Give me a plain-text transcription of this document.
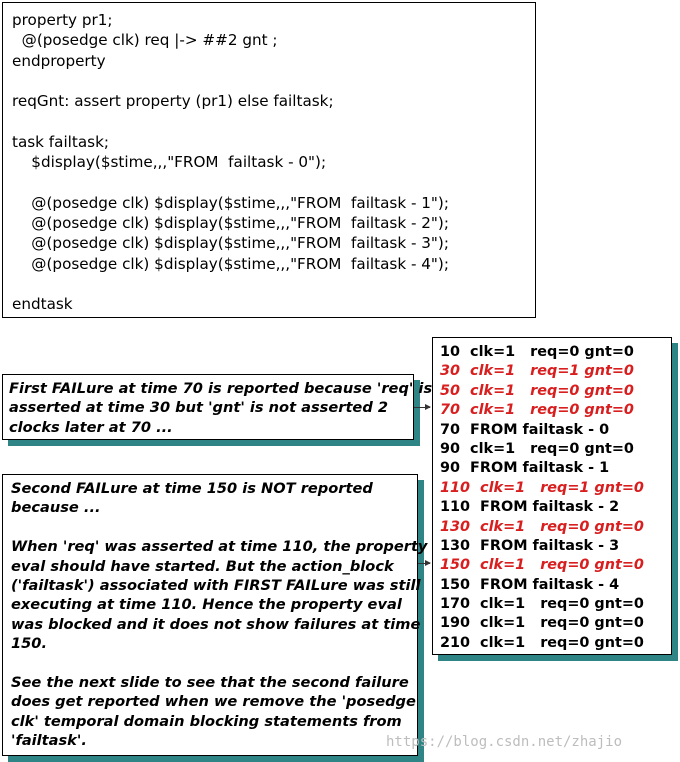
property pr1;
@(posedge clk) req |-> ##2 gnt ;
endproperty
reqGnt: assert property (pr1) else failtask;
task failtask;
$display($stime,,,"FROM  failtask - 0");
@(posedge clk) $display($stime,,,"FROM  failtask - 1");
@(posedge clk) $display($stime,,,"FROM  failtask - 2");
@(posedge clk) $display($stime,,,"FROM  failtask - 3");
@(posedge clk) $display($stime,,,"FROM  failtask - 4");
endtask
First FAILure at time 70 is reported because 'req' is
asserted at time 30 but 'gnt' is not asserted 2
clocks later at 70 ...
Second FAILure at time 150 is NOT reported
because ...
When 'req' was asserted at time 110, the property
eval should have started. But the action_block
('failtask') associated with FIRST FAILure was still
executing at time 110. Hence the property eval
was blocked and it does not show failures at time
150.
See the next slide to see that the second failure
does get reported when we remove the 'posedge
clk' temporal domain blocking statements from
'failtask'.
10  clk=1   req=0 gnt=0
30  clk=1   req=1 gnt=0
50  clk=1   req=0 gnt=0
70  clk=1   req=0 gnt=0
70  FROM failtask - 0
90  clk=1   req=0 gnt=0
90  FROM failtask - 1
110  clk=1   req=1 gnt=0
110  FROM failtask - 2
130  clk=1   req=0 gnt=0
130  FROM failtask - 3
150  clk=1   req=0 gnt=0
150  FROM failtask - 4
170  clk=1   req=0 gnt=0
190  clk=1   req=0 gnt=0
210  clk=1   req=0 gnt=0
https://blog.csdn.net/zhajio
